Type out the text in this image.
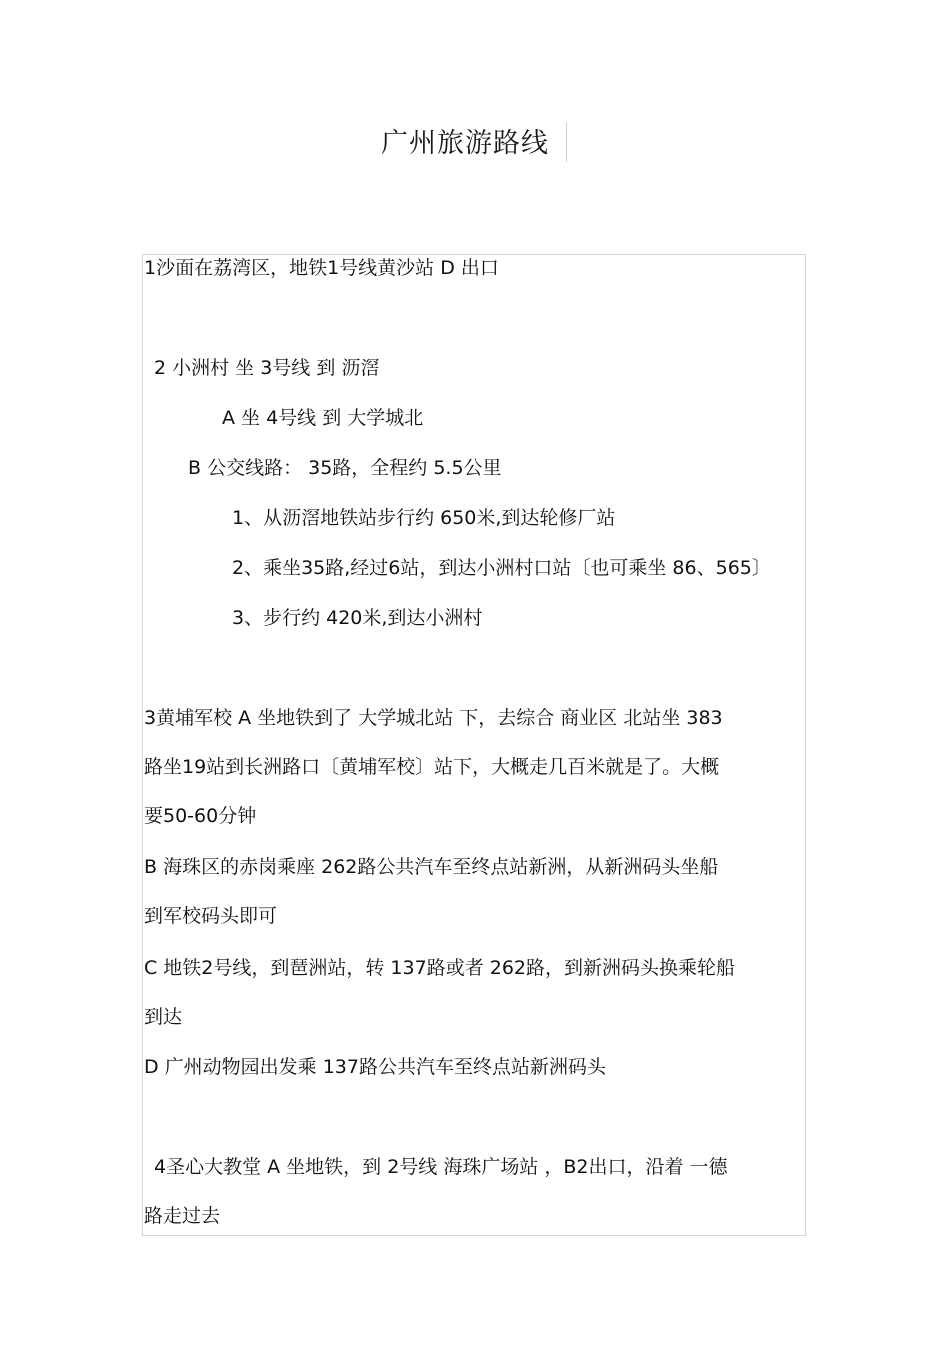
广州旅游路线
1沙面在荔湾区，地铁1号线黄沙站 D 出口
2 小洲村 坐 3号线 到 沥滘
A 坐 4号线 到 大学城北
B 公交线路： 35路，全程约 5.5公里
1、从沥滘地铁站步行约 650米,到达轮修厂站
2、乘坐35路,经过6站，到达小洲村口站〔也可乘坐 86、565〕
3、步行约 420米,到达小洲村
3黄埔军校 A 坐地铁到了 大学城北站 下，去综合 商业区 北站坐 383
路坐19站到长洲路口〔黄埔军校〕站下，大概走几百米就是了。大概
要50-60分钟
B 海珠区的赤岗乘座 262路公共汽车至终点站新洲，从新洲码头坐船
到军校码头即可
C 地铁2号线，到琶洲站，转 137路或者 262路，到新洲码头换乘轮船
到达
D 广州动物园出发乘 137路公共汽车至终点站新洲码头
4圣心大教堂 A 坐地铁，到 2号线 海珠广场站 ，B2出口，沿着 一德
路走过去
